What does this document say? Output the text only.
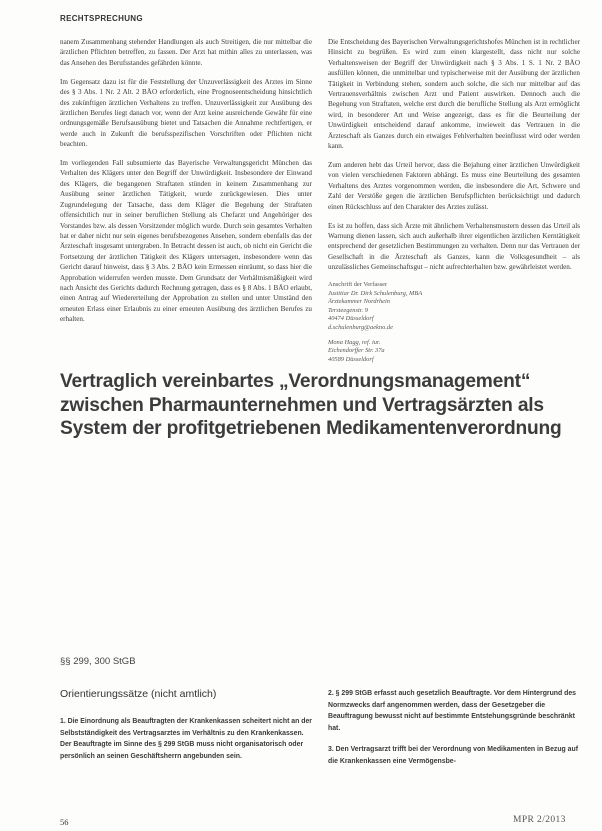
RECHTSPRECHUNG

nanem Zusammenhang stehender Handlungen als auch Streitigen, die nur mittelbar die ärztlichen Pflichten betreffen, zu fassen. Der Arzt hat mithin alles zu unterlassen, was das Ansehen des Berufsstandes gefährden könnte.

Im Gegensatz dazu ist für die Feststellung der Unzuverlässigkeit des Arztes im Sinne des § 3 Abs. 1 Nr. 2 Alt. 2 BÄO erforderlich, eine Prognoseentscheidung hinsichtlich des zukünftigen ärztlichen Verhaltens zu treffen. Unzuverlässigkeit zur Ausübung des ärztlichen Berufes liegt danach vor, wenn der Arzt keine ausreichende Gewähr für eine ordnungsgemäße Berufsausübung bietet und Tatsachen die Annahme rechtfertigen, er werde auch in Zukunft die berufsspezifischen Vorschriften oder Pflichten nicht beachten.

Im vorliegenden Fall subsumierte das Bayerische Verwaltungsgericht München das Verhalten des Klägers unter den Begriff der Unwürdigkeit. Insbesondere der Einwand des Klägers, die begangenen Straftaten stünden in keinem Zusammenhang zur Ausübung seiner ärztlichen Tätigkeit, wurde zurückgewiesen. Dies unter Zugrundelegung der Tatsache, dass dem Kläger die Begehung der Straftaten offensichtlich nur in seiner beruflichen Stellung als Chefarzt und Angehöriger des Vorstandes bzw. als dessen Vorsitzender möglich wurde. Durch sein gesamtes Verhalten hat er daher nicht nur sein eigenes berufsbezogenes Ansehen, sondern ebenfalls das der Ärzteschaft insgesamt untergraben. In Betracht dessen ist auch, ob nicht ein Gericht die Fortsetzung der ärztlichen Tätigkeit des Klägers untersagen, insbesondere wenn das Gericht darauf hinweist, dass § 3 Abs. 2 BÄO kein Ermessen einräumt, so dass hier die Approbation widerrufen werden musste. Dem Grundsatz der Verhältnismäßigkeit wird nach Ansicht des Gerichts dadurch Rechnung getragen, dass es § 8 Abs. 1 BÄO erlaubt, einen Antrag auf Wiedererteilung der Approbation zu stellen und unter Umständ den erneuten Erlass einer Erlaubnis zu einer erneuten Ausübung des ärztlichen Berufes zu erhalten.

Die Entscheidung des Bayerischen Verwaltungsgerichtshofes München ist in rechtlicher Hinsicht zu begrüßen. Es wird zum einen klargestellt, dass nicht nur solche Verhaltensweisen der Begriff der Unwürdigkeit nach § 3 Abs. 1 S. 1 Nr. 2 BÄO ausfüllen können, die unmittelbar und typischerweise mit der Ausübung der ärztlichen Tätigkeit in Verbindung stehen, sondern auch solche, die sich nur mittelbar auf das Vertrauensverhältnis zwischen Arzt und Patient auswirken. Dennoch auch die Begehung von Straftaten, welche erst durch die berufliche Stellung als Arzt ermöglicht wird, in besonderer Art und Weise angezeigt, dass es für die Beurteilung der Unwürdigkeit entscheidend darauf ankomme, inwieweit das Vertrauen in die Ärzteschaft als Ganzes durch ein etwaiges Fehlverhalten beeinflusst wird oder werden kann.

Zum anderen hebt das Urteil hervor, dass die Bejahung einer ärztlichen Unwürdigkeit von vielen verschiedenen Faktoren abhängt. Es muss eine Beurteilung des gesamten Verhaltens des Arztes vorgenommen werden, die insbesondere die Art, Schwere und Zahl der Verstöße gegen die ärztlichen Berufspflichten berücksichtigt und dadurch einen Rückschluss auf den Charakter des Arztes zulässt.

Es ist zu hoffen, dass sich Ärzte mit ähnlichem Verhaltensmustern dessen das Urteil als Warnung dienen lassen, sich auch außerhalb ihrer eigentlichen ärztlichen Kerntätigkeit entsprechend der gesetzlichen Bestimmungen zu verhalten. Denn nur das Vertrauen der Gesellschaft in die Ärzteschaft als Ganzes, kann die Volksgesundheit – als unzulässliches Gemeinschaftsgut – nicht aufrechterhalten bzw. gewährleistet werden.

Anschrift der Verfasser
Justitiar Dr. Dirk Schulenburg, MBA
Ärztekammer Nordrhein
Tersteegenstr. 9
40474 Düsseldorf
d.schulenburg@aekno.de
Mona Hagg, ref. iur.
Eichendorffer Str. 37a
40589 Düsseldorf
Vertraglich vereinbartes „Verordnungsmanagement“
zwischen Pharmaunternehmen und Vertragsärzten als
System der profitgetriebenen Medikamentenverordnung
§§ 299, 300 StGB
Orientierungssätze (nicht amtlich)

1. Die Einordnung als Beauftragten der Krankenkassen scheitert nicht an der Selbstständigkeit des Vertragsarztes im Verhältnis zu den Krankenkassen. Der Beauftragte im Sinne des § 299 StGB muss nicht organisatorisch oder persönlich an seinen Geschäftsherrn angebunden sein.

2. § 299 StGB erfasst auch gesetzlich Beauftragte. Vor dem Hintergrund des Normzwecks darf angenommen werden, dass der Gesetzgeber die Beauftragung bewusst nicht auf bestimmte Entstehungsgründe beschränkt hat.

3. Den Vertragsarzt trifft bei der Verordnung von Medikamenten in Bezug auf die Krankenkassen eine Vermögensbe-

56	MPR 2/2013
